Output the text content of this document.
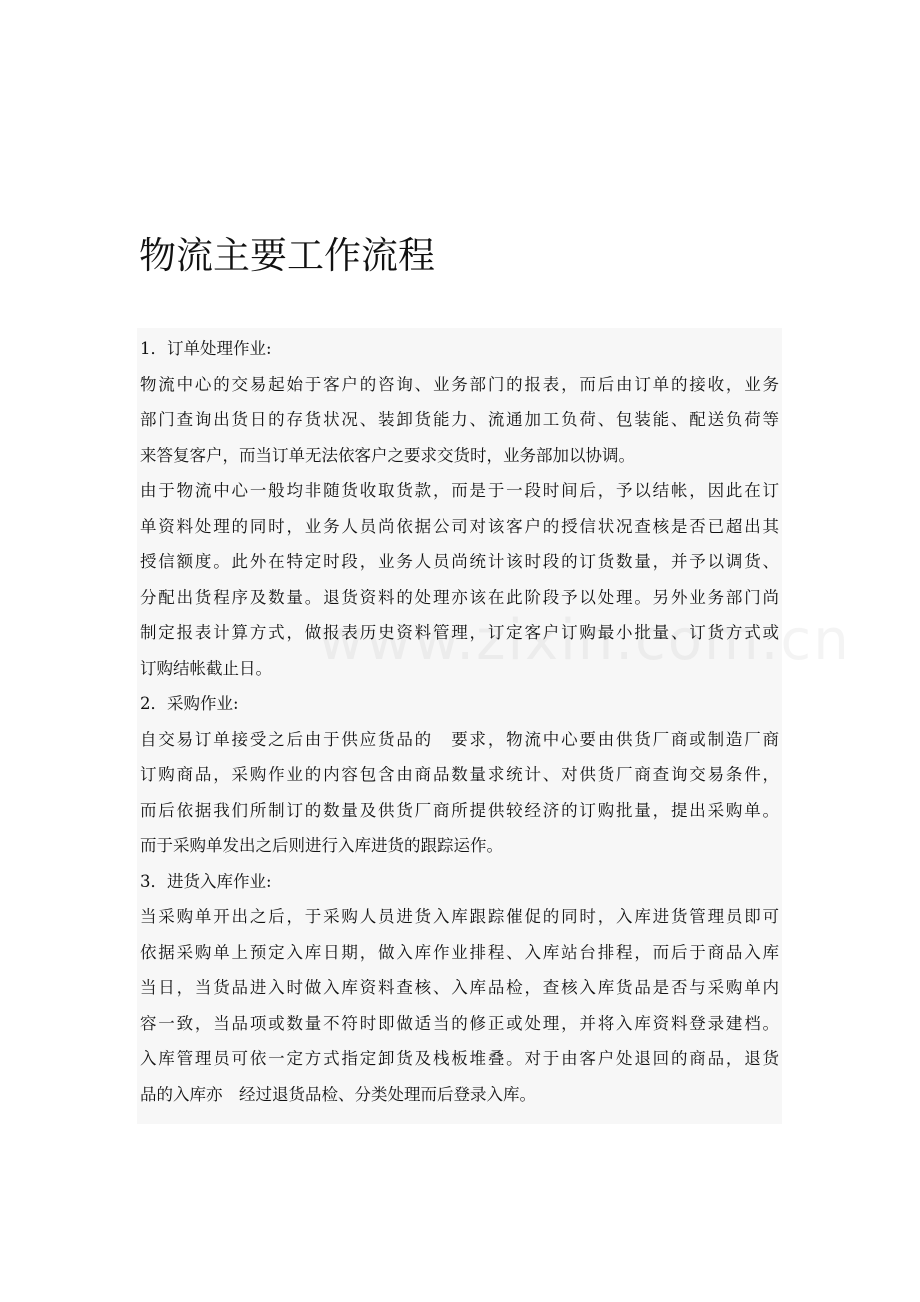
物流主要工作流程
1．订单处理作业:
物流中心的交易起始于客户的咨询、业务部门的报表，而后由订单的接收，业务
部门查询出货日的存货状况、装卸货能力、流通加工负荷、包装能、配送负荷等
来答复客户，而当订单无法依客户之要求交货时，业务部加以协调。
由于物流中心一般均非随货收取货款，而是于一段时间后，予以结帐，因此在订
单资料处理的同时，业务人员尚依据公司对该客户的授信状况查核是否已超出其
授信额度。此外在特定时段，业务人员尚统计该时段的订货数量，并予以调货、
分配出货程序及数量。退货资料的处理亦该在此阶段予以处理。另外业务部门尚
制定报表计算方式，做报表历史资料管理，订定客户订购最小批量、订货方式或
订购结帐截止日。
2．采购作业:
自交易订单接受之后由于供应货品的　要求，物流中心要由供货厂商或制造厂商
订购商品，采购作业的内容包含由商品数量求统计、对供货厂商查询交易条件，
而后依据我们所制订的数量及供货厂商所提供较经济的订购批量，提出采购单。
而于采购单发出之后则进行入库进货的跟踪运作。
3．进货入库作业:
当采购单开出之后，于采购人员进货入库跟踪催促的同时，入库进货管理员即可
依据采购单上预定入库日期，做入库作业排程、入库站台排程，而后于商品入库
当日，当货品进入时做入库资料查核、入库品检，查核入库货品是否与采购单内
容一致，当品项或数量不符时即做适当的修正或处理，并将入库资料登录建档。
入库管理员可依一定方式指定卸货及栈板堆叠。对于由客户处退回的商品，退货
品的入库亦　经过退货品检、分类处理而后登录入库。
